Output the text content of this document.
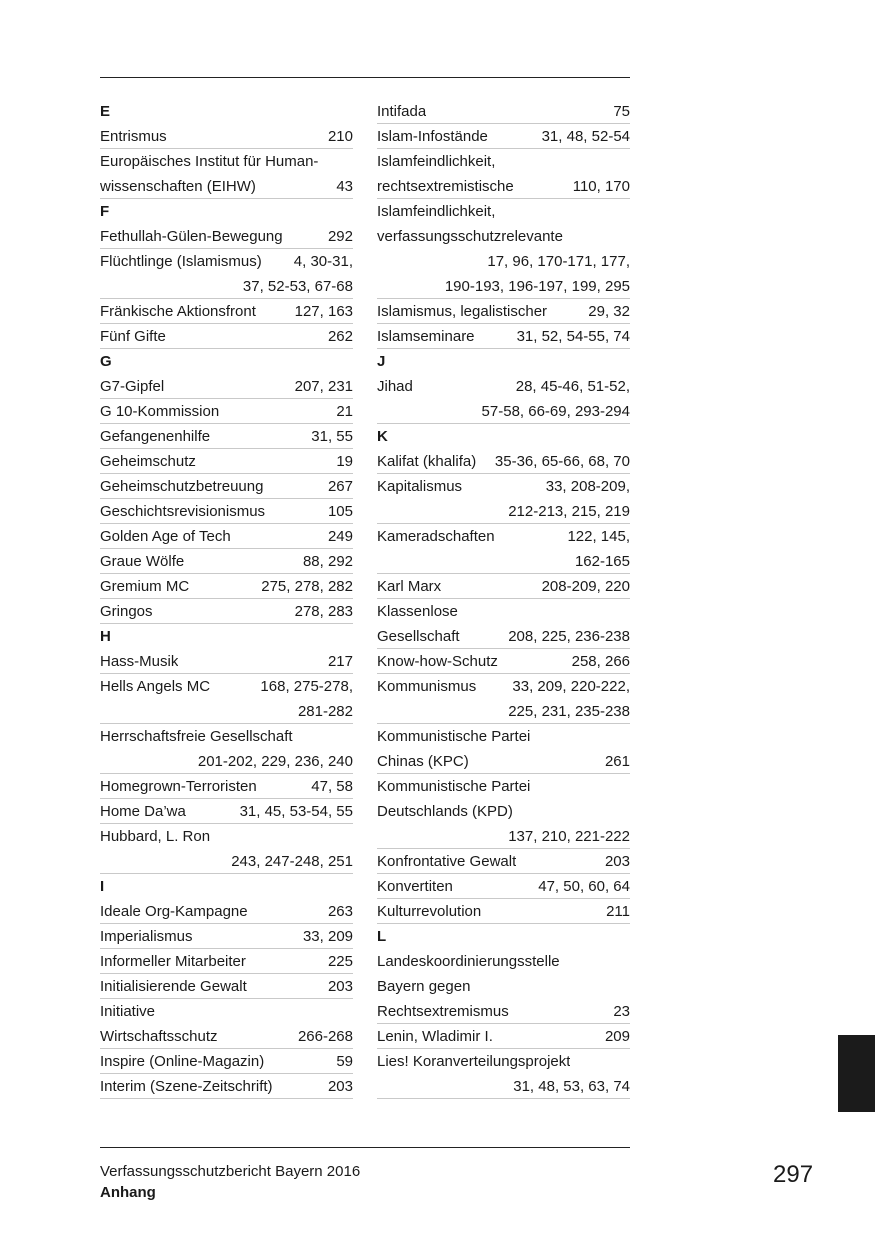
E
Entrismus	210
Europäisches Institut für Human-
wissenschaften (EIHW)	43
F
Fethullah-Gülen-Bewegung	292
Flüchtlinge (Islamismus) 4, 30-31,
37, 52-53, 67-68
Fränkische Aktionsfront	127, 163
Fünf Gifte	262
G
G7-Gipfel	207, 231
G 10-Kommission	21
Gefangenenhilfe	31, 55
Geheimschutz	19
Geheimschutzbetreuung	267
Geschichtsrevisionismus	105
Golden Age of Tech	249
Graue Wölfe	88, 292
Gremium MC	275, 278, 282
Gringos	278, 283
H
Hass-Musik	217
Hells Angels MC	168, 275-278,
281-282
Herrschaftsfreie Gesellschaft
201-202, 229, 236, 240
Homegrown-Terroristen	47, 58
Home Da’wa	31, 45, 53-54, 55
Hubbard, L. Ron
243, 247-248, 251
I
Ideale Org-Kampagne	263
Imperialismus	33, 209
Informeller Mitarbeiter	225
Initialisierende Gewalt	203
Initiative
Wirtschaftsschutz	266-268
Inspire (Online-Magazin)	59
Interim (Szene-Zeitschrift)	203
Intifada	75
Islam-Infostände	31, 48, 52-54
Islamfeindlichkeit,
rechtsextremistische	110, 170
Islamfeindlichkeit,
verfassungsschutzrelevante
17, 96, 170-171, 177,
190-193, 196-197, 199, 295
Islamismus, legalistischer	29, 32
Islamseminare	31, 52, 54-55, 74
J
Jihad	28, 45-46, 51-52,
57-58, 66-69, 293-294
K
Kalifat (khalifa) 35-36, 65-66, 68, 70
Kapitalismus	33, 208-209,
212-213, 215, 219
Kameradschaften	122, 145,
162-165
Karl Marx	208-209, 220
Klassenlose
Gesellschaft	208, 225, 236-238
Know-how-Schutz	258, 266
Kommunismus 33, 209, 220-222,
225, 231, 235-238
Kommunistische Partei
Chinas (KPC)	261
Kommunistische Partei
Deutschlands (KPD)
137, 210, 221-222
Konfrontative Gewalt	203
Konvertiten	47, 50, 60, 64
Kulturrevolution	211
L
Landeskoordinierungsstelle
Bayern gegen
Rechtsextremismus	23
Lenin, Wladimir I.	209
Lies! Koranverteilungsprojekt
31, 48, 53, 63, 74
Verfassungsschutzbericht Bayern 2016
Anhang
297
